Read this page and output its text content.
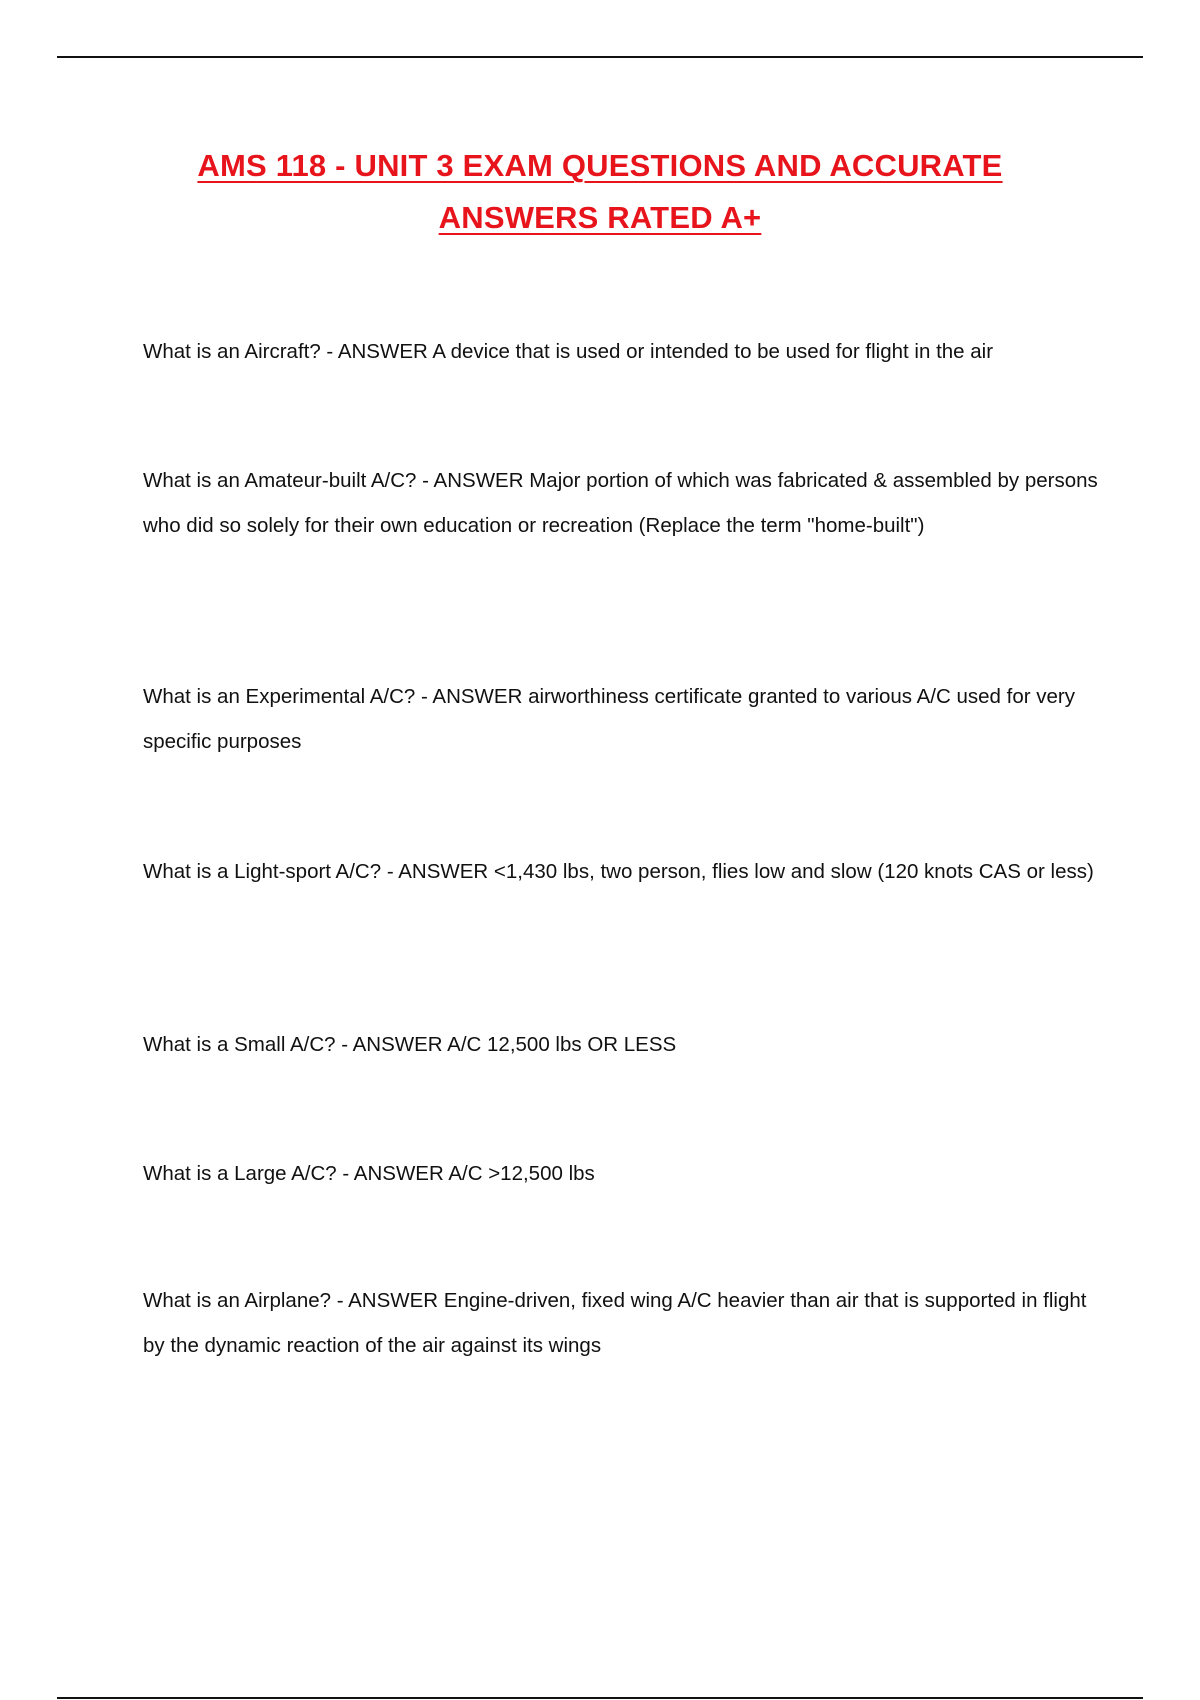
AMS 118 - UNIT 3 EXAM QUESTIONS AND ACCURATE
ANSWERS RATED A+

What is an Aircraft? - ANSWER A device that is used or intended to be used for flight in the air

What is an Amateur-built A/C? - ANSWER Major portion of which was fabricated & assembled by persons who did so solely for their own education or recreation (Replace the term "home-built")

What is an Experimental A/C? - ANSWER airworthiness certificate granted to various A/C used for very specific purposes

What is a Light-sport A/C? - ANSWER <1,430 lbs, two person, flies low and slow (120 knots CAS or less)

What is a Small A/C? - ANSWER A/C 12,500 lbs OR LESS

What is a Large A/C? - ANSWER A/C >12,500 lbs

What is an Airplane? - ANSWER Engine-driven, fixed wing A/C heavier than air that is supported in flight by the dynamic reaction of the air against its wings
